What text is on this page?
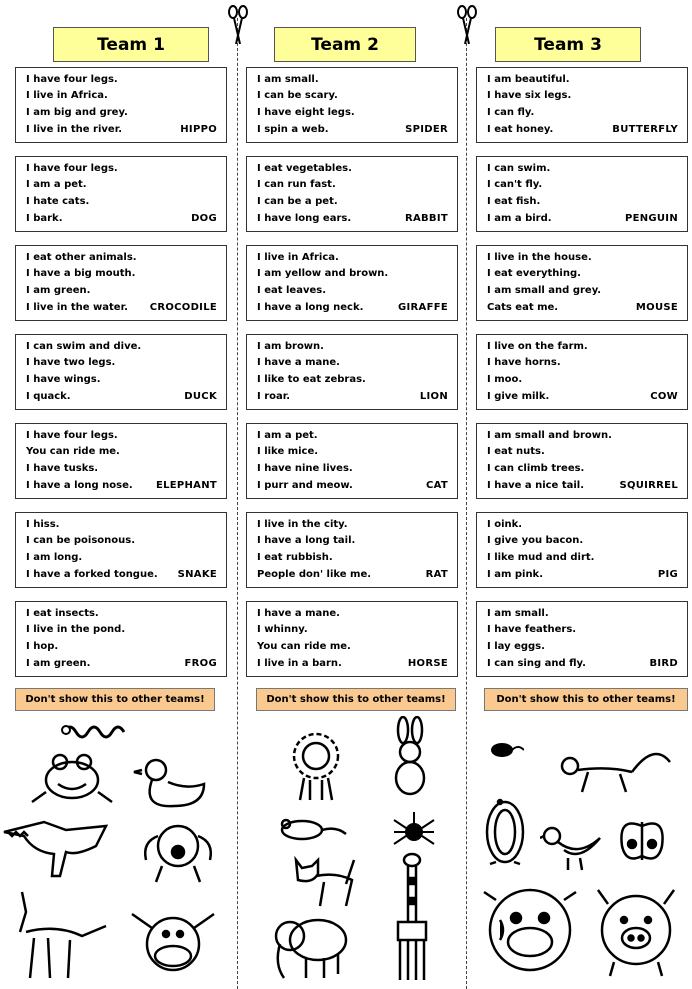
Team 1
Don't show this to other teams!
I have four legs.
I live in Africa.
I am big and grey.
I live in the river.	HIPPO
I have four legs.
I am a pet.
I hate cats.
I bark.	DOG
I eat other animals.
I have a big mouth.
I am green.
I live in the water.	CROCODILE
I can swim and dive.
I have two legs.
I have wings.
I quack.	DUCK
I have four legs.
You can ride me.
I have tusks.
I have a long nose.	ELEPHANT
I hiss.
I can be poisonous.
I am long.
I have a forked tongue.	SNAKE
I eat insects.
I live in the pond.
I hop.
I am green.	FROG
Team 2
Don't show this to other teams!
I am small.
I can be scary.
I have eight legs.
I spin a web.	SPIDER
I eat vegetables.
I can run fast.
I can be a pet.
I have long ears.	RABBIT
I live in Africa.
I am yellow and brown.
I eat leaves.
I have a long neck.	GIRAFFE
I am brown.
I have a mane.
I like to eat zebras.
I roar.	LION
I am a pet.
I like mice.
I have nine lives.
I purr and meow.	CAT
I live in the city.
I have a long tail.
I eat rubbish.
People don' like me.	RAT
I have a mane.
I whinny.
You can ride me.
I live in a barn.	HORSE
Team 3
Don't show this to other teams!
I am beautiful.
I have six legs.
I can fly.
I eat honey.	BUTTERFLY
I can swim.
I can't fly.
I eat fish.
I am a bird.	PENGUIN
I live in the house.
I eat everything.
I am small and grey.
Cats eat me.	MOUSE
I live on the farm.
I have horns.
I moo.
I give milk.	COW
I am small and brown.
I eat nuts.
I can climb trees.
I have a nice tail.	SQUIRREL
I oink.
I give you bacon.
I like mud and dirt.
I am pink.	PIG
I am small.
I have feathers.
I lay eggs.
I can sing and fly.	BIRD
